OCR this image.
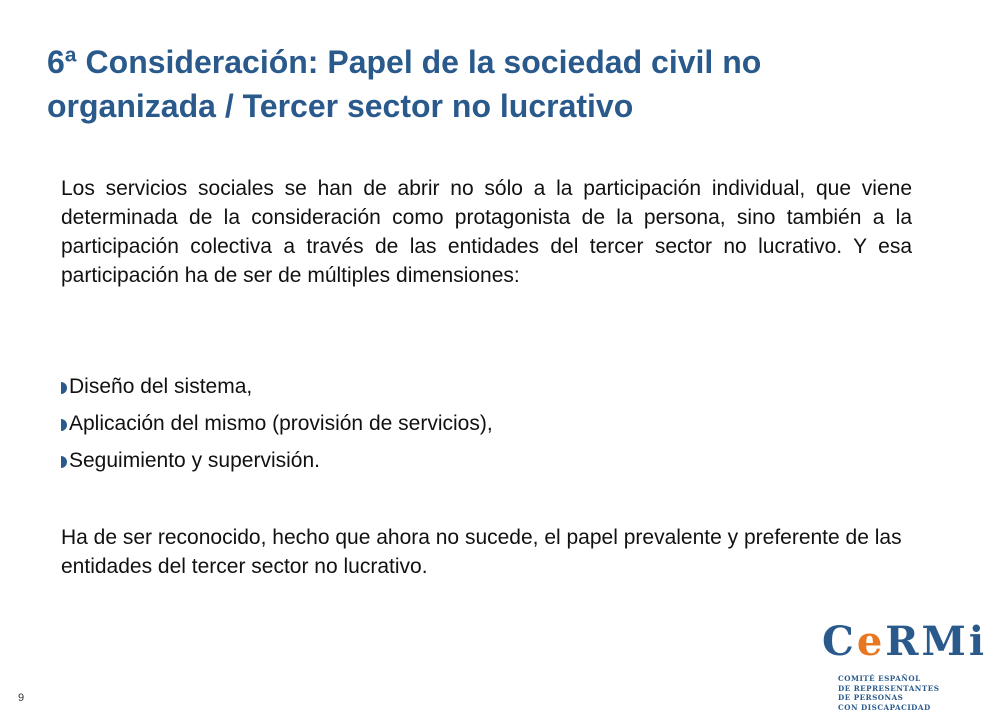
6ª Consideración: Papel de la sociedad civil no organizada / Tercer sector no lucrativo

Los servicios sociales se han de abrir no sólo a la participación individual, que viene determinada de la consideración como protagonista de la persona, sino también a la participación colectiva a través de las entidades del tercer sector no lucrativo. Y esa participación ha de ser de múltiples dimensiones:

Diseño del sistema,
Aplicación del mismo (provisión de servicios),
Seguimiento y supervisión.

Ha de ser reconocido, hecho que ahora no sucede, el papel prevalente y preferente de las entidades del tercer sector no lucrativo.

9
CeRMi
COMITÉ ESPAÑOL
DE REPRESENTANTES
DE PERSONAS
CON DISCAPACIDAD
